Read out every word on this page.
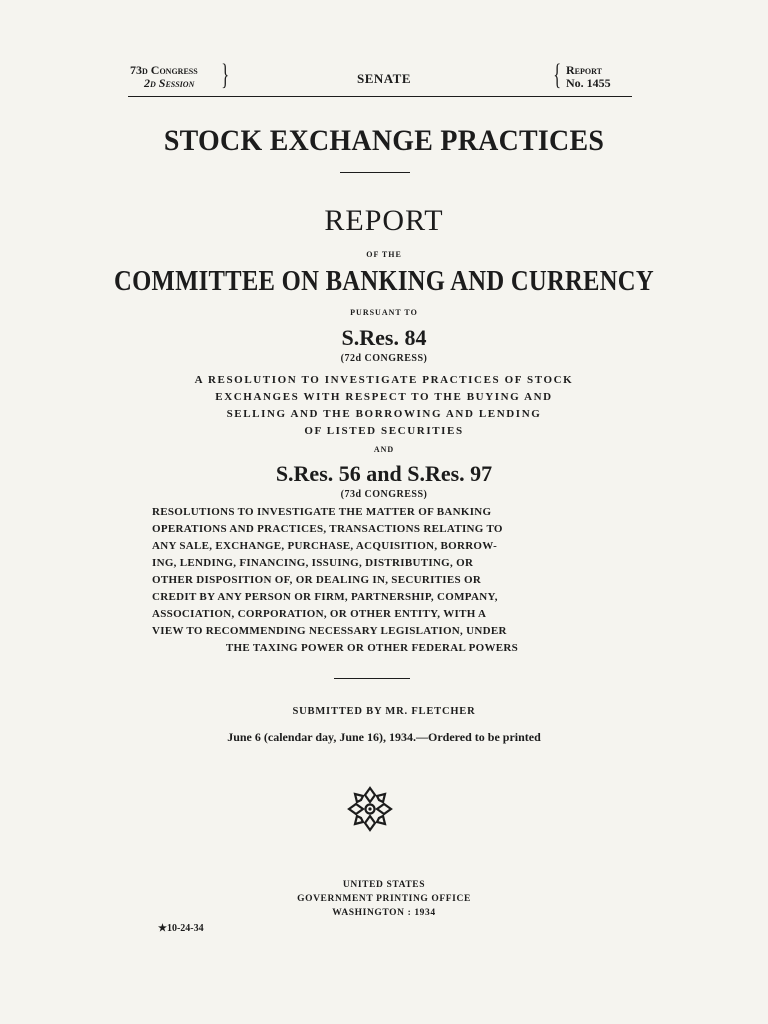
73d Congress
2d Session }	SENATE	{ Report
No. 1455
STOCK EXCHANGE PRACTICES
REPORT
OF THE
COMMITTEE ON BANKING AND CURRENCY
PURSUANT TO
S.Res. 84
(72d CONGRESS)
A RESOLUTION TO INVESTIGATE PRACTICES OF STOCK
EXCHANGES WITH RESPECT TO THE BUYING AND
SELLING AND THE BORROWING AND LENDING
OF LISTED SECURITIES
AND
S.Res. 56 and S.Res. 97
(73d CONGRESS)
RESOLUTIONS TO INVESTIGATE THE MATTER OF BANKING
OPERATIONS AND PRACTICES, TRANSACTIONS RELATING TO
ANY SALE, EXCHANGE, PURCHASE, ACQUISITION, BORROW-
ING, LENDING, FINANCING, ISSUING, DISTRIBUTING, OR
OTHER DISPOSITION OF, OR DEALING IN, SECURITIES OR
CREDIT BY ANY PERSON OR FIRM, PARTNERSHIP, COMPANY,
ASSOCIATION, CORPORATION, OR OTHER ENTITY, WITH A
VIEW TO RECOMMENDING NECESSARY LEGISLATION, UNDER
THE TAXING POWER OR OTHER FEDERAL POWERS
SUBMITTED BY MR. FLETCHER
June 6 (calendar day, June 16), 1934.—Ordered to be printed
UNITED STATES
GOVERNMENT PRINTING OFFICE
WASHINGTON : 1934
★10-24-34
